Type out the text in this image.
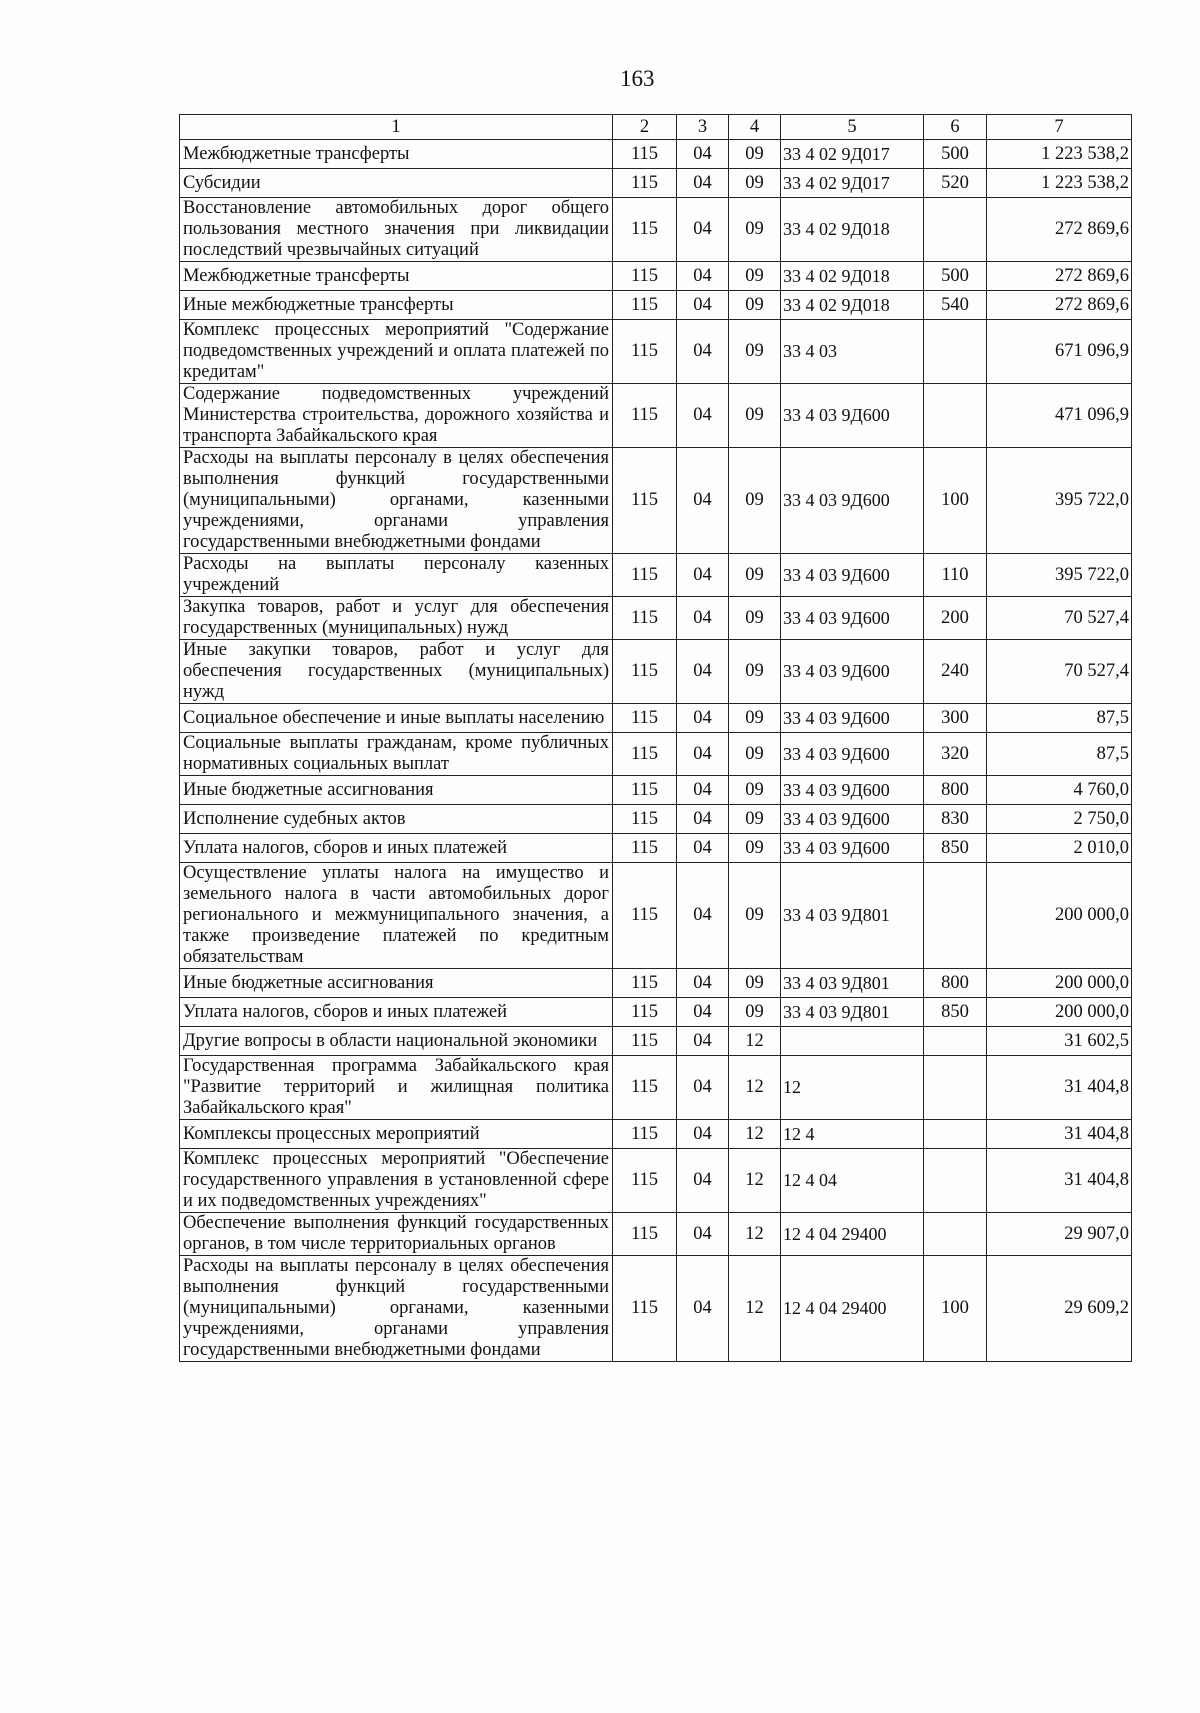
163
1	2	3	4	5	6	7
Межбюджетные трансферты	115	04	09	33 4 02 9Д017	500	1 223 538,2
Субсидии	115	04	09	33 4 02 9Д017	520	1 223 538,2
Восстановление автомобильных дорог общего пользования местного значения при ликвидации последствий чрезвычайных ситуаций	115	04	09	33 4 02 9Д018		272 869,6
Межбюджетные трансферты	115	04	09	33 4 02 9Д018	500	272 869,6
Иные межбюджетные трансферты	115	04	09	33 4 02 9Д018	540	272 869,6
Комплекс процессных мероприятий "Содержание подведомственных учреждений и оплата платежей по кредитам"	115	04	09	33 4 03		671 096,9
Содержание подведомственных учреждений Министерства строительства, дорожного хозяйства и транспорта Забайкальского края	115	04	09	33 4 03 9Д600		471 096,9
Расходы на выплаты персоналу в целях обеспечения выполнения функций государственными (муниципальными) органами, казенными учреждениями, органами управления государственными внебюджетными фондами	115	04	09	33 4 03 9Д600	100	395 722,0
Расходы на выплаты персоналу казенных учреждений	115	04	09	33 4 03 9Д600	110	395 722,0
Закупка товаров, работ и услуг для обеспечения государственных (муниципальных) нужд	115	04	09	33 4 03 9Д600	200	70 527,4
Иные закупки товаров, работ и услуг для обеспечения государственных (муниципальных) нужд	115	04	09	33 4 03 9Д600	240	70 527,4
Социальное обеспечение и иные выплаты населению	115	04	09	33 4 03 9Д600	300	87,5
Социальные выплаты гражданам, кроме публичных нормативных социальных выплат	115	04	09	33 4 03 9Д600	320	87,5
Иные бюджетные ассигнования	115	04	09	33 4 03 9Д600	800	4 760,0
Исполнение судебных актов	115	04	09	33 4 03 9Д600	830	2 750,0
Уплата налогов, сборов и иных платежей	115	04	09	33 4 03 9Д600	850	2 010,0
Осуществление уплаты налога на имущество и земельного налога в части автомобильных дорог регионального и межмуниципального значения, а также произведение платежей по кредитным обязательствам	115	04	09	33 4 03 9Д801		200 000,0
Иные бюджетные ассигнования	115	04	09	33 4 03 9Д801	800	200 000,0
Уплата налогов, сборов и иных платежей	115	04	09	33 4 03 9Д801	850	200 000,0
Другие вопросы в области национальной экономики	115	04	12			31 602,5
Государственная программа Забайкальского края "Развитие территорий и жилищная политика Забайкальского края"	115	04	12	12		31 404,8
Комплексы процессных мероприятий	115	04	12	12 4		31 404,8
Комплекс процессных мероприятий "Обеспечение государственного управления в установленной сфере и их подведомственных учреждениях"	115	04	12	12 4 04		31 404,8
Обеспечение выполнения функций государственных органов, в том числе территориальных органов	115	04	12	12 4 04 29400		29 907,0
Расходы на выплаты персоналу в целях обеспечения выполнения функций государственными (муниципальными) органами, казенными учреждениями, органами управления государственными внебюджетными фондами	115	04	12	12 4 04 29400	100	29 609,2
